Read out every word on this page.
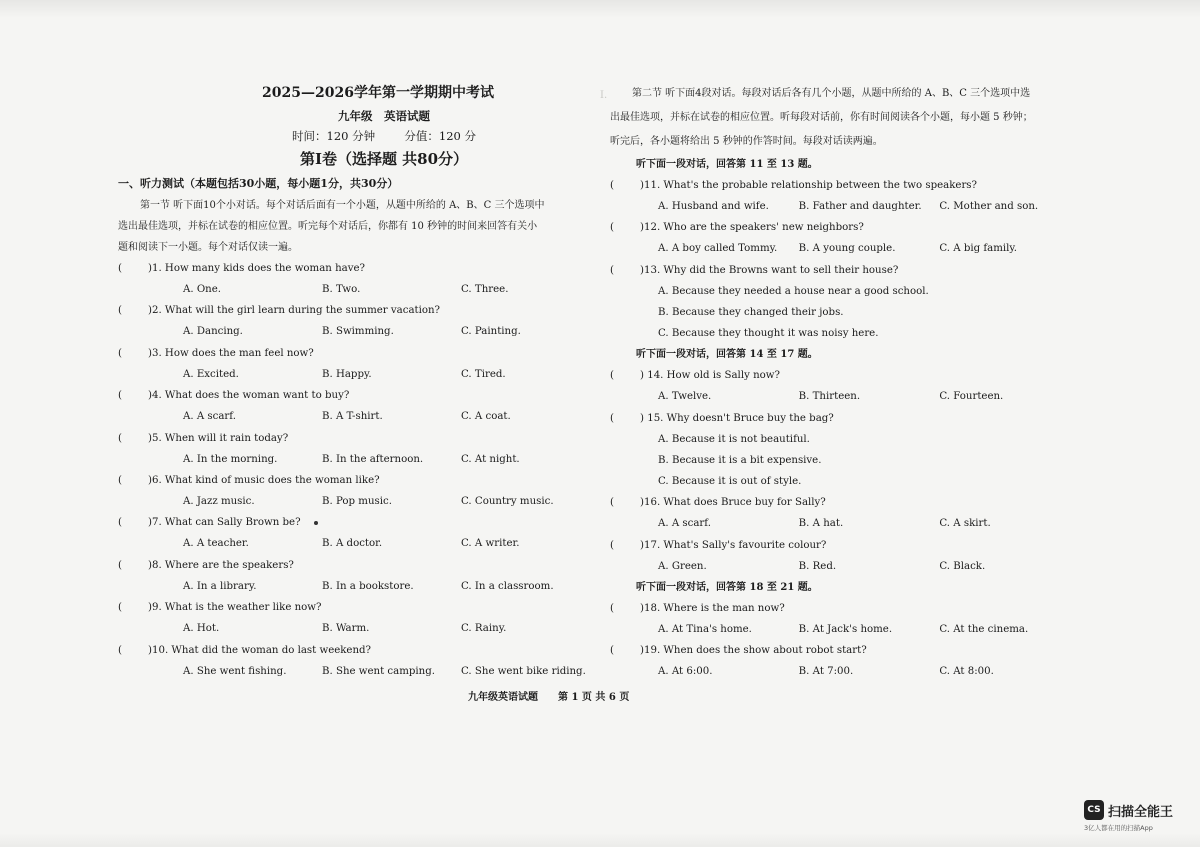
I.　　  　

2025—2026学年第一学期期中考试
九年级　英语试题
时间：120 分钟	分值：120 分
第Ⅰ卷（选择题 共80分）
一、听力测试（本题包括30小题，每小题1分，共30分）
第一节 听下面10个小对话。每个对话后面有一个小题，从题中所给的 A、B、C 三个选项中
选出最佳选项，并标在试卷的相应位置。听完每个对话后，你都有 10 秒钟的时间来回答有关小
题和阅读下一小题。每个对话仅读一遍。
(	)1. How many kids does the woman have?
A. One.	B. Two.	C. Three.
(	)2. What will the girl learn during the summer vacation?
A. Dancing.	B. Swimming.	C. Painting.
(	)3. How does the man feel now?
A. Excited.	B. Happy.	C. Tired.
(	)4. What does the woman want to buy?
A. A scarf.	B. A T-shirt.	C. A coat.
(	)5. When will it rain today?
A. In the morning.	B. In the afternoon.	C. At night.
(	)6. What kind of music does the woman like?
A. Jazz music.	B. Pop music.	C. Country music.
(	)7. What can Sally Brown be?
A. A teacher.	B. A doctor.	C. A writer.
(	)8. Where are the speakers?
A. In a library.	B. In a bookstore.	C. In a classroom.
(	)9. What is the weather like now?
A. Hot.	B. Warm.	C. Rainy.
(	)10. What did the woman do last weekend?
A. She went fishing.	B. She went camping.	C. She went bike riding.
第二节 听下面4段对话。每段对话后各有几个小题，从题中所给的 A、B、C 三个选项中选
出最佳选项，并标在试卷的相应位置。听每段对话前，你有时间阅读各个小题，每小题 5 秒钟；
听完后，各小题将给出 5 秒钟的作答时间。每段对话读两遍。
听下面一段对话，回答第 11 至 13 题。
(	)11. What's the probable relationship between the two speakers?
A. Husband and wife.	B. Father and daughter.	C. Mother and son.
(	)12. Who are the speakers' new neighbors?
A. A boy called Tommy.	B. A young couple.	C. A big family.
(	)13. Why did the Browns want to sell their house?
A. Because they needed a house near a good school.
B. Because they changed their jobs.
C. Because they thought it was noisy here.
听下面一段对话，回答第 14 至 17 题。
(	) 14. How old is Sally now?
A. Twelve.	B. Thirteen.	C. Fourteen.
(	) 15. Why doesn't Bruce buy the bag?
A. Because it is not beautiful.
B. Because it is a bit expensive.
C. Because it is out of style.
(	)16. What does Bruce buy for Sally?
A. A scarf.	B. A hat.	C. A skirt.
(	)17. What's Sally's favourite colour?
A. Green.	B. Red.	C. Black.
听下面一段对话，回答第 18 至 21 题。
(	)18. Where is the man now?
A. At Tina's home.	B. At Jack's home.	C. At the cinema.
(	)19. When does the show about robot start?
A. At 6:00.	B. At 7:00.	C. At 8:00.
九年级英语试题　　第 1 页 共 6 页
CS 扫描全能王
3亿人都在用的扫描App
